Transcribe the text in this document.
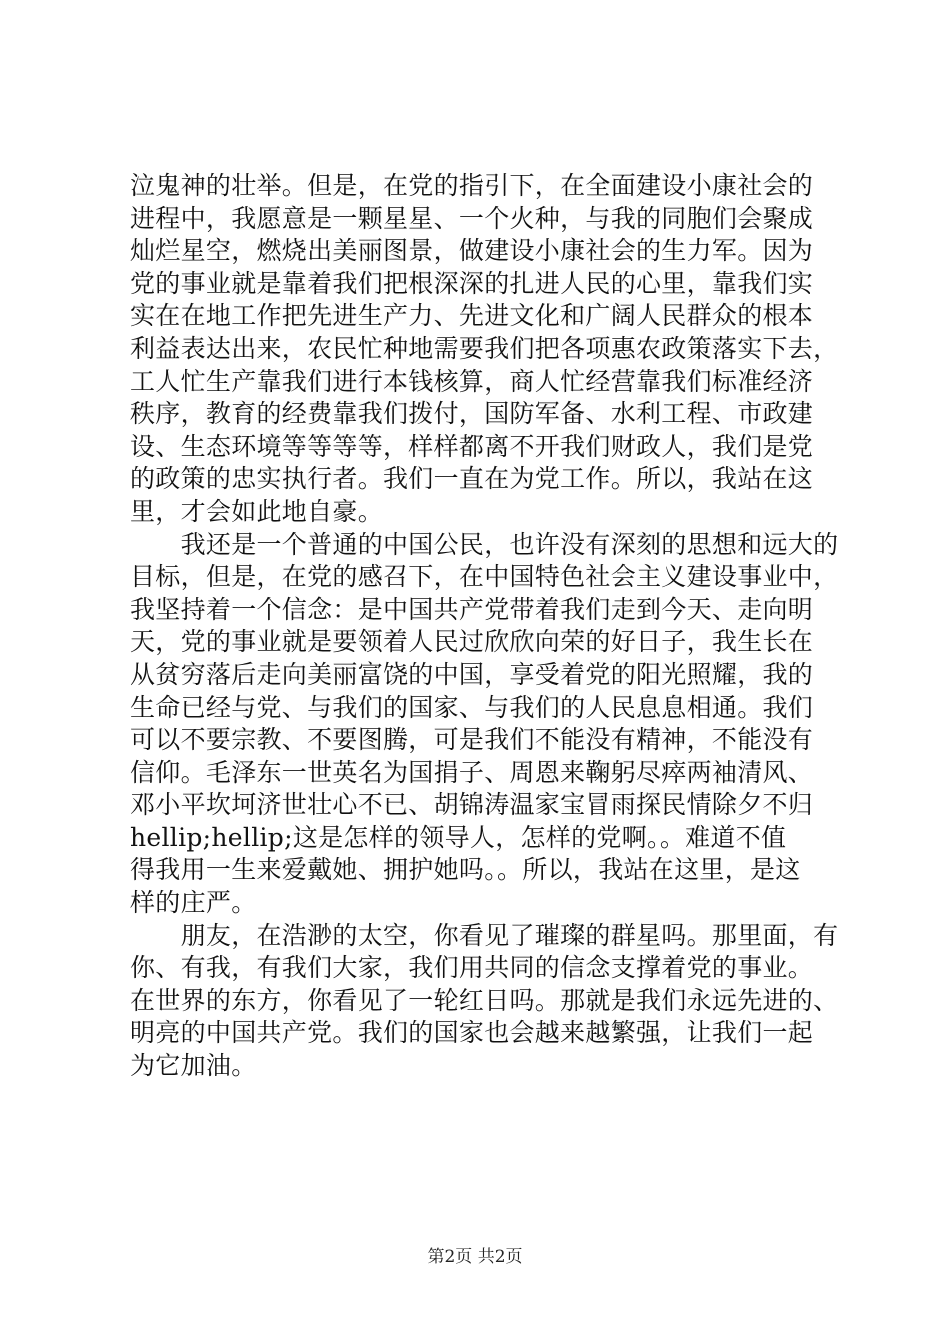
泣鬼神的壮举。但是，在党的指引下，在全面建设小康社会的
进程中，我愿意是一颗星星、一个火种，与我的同胞们会聚成
灿烂星空，燃烧出美丽图景，做建设小康社会的生力军。因为
党的事业就是靠着我们把根深深的扎进人民的心里，靠我们实
实在在地工作把先进生产力、先进文化和广阔人民群众的根本
利益表达出来，农民忙种地需要我们把各项惠农政策落实下去，
工人忙生产靠我们进行本钱核算，商人忙经营靠我们标准经济
秩序，教育的经费靠我们拨付，国防军备、水利工程、市政建
设、生态环境等等等等，样样都离不开我们财政人，我们是党
的政策的忠实执行者。我们一直在为党工作。所以，我站在这
里，才会如此地自豪。
　　我还是一个普通的中国公民，也许没有深刻的思想和远大的
目标，但是，在党的感召下，在中国特色社会主义建设事业中，
我坚持着一个信念：是中国共产党带着我们走到今天、走向明
天，党的事业就是要领着人民过欣欣向荣的好日子，我生长在
从贫穷落后走向美丽富饶的中国，享受着党的阳光照耀，我的
生命已经与党、与我们的国家、与我们的人民息息相通。我们
可以不要宗教、不要图腾，可是我们不能没有精神，不能没有
信仰。毛泽东一世英名为国捐子、周恩来鞠躬尽瘁两袖清风、
邓小平坎坷济世壮心不已、胡锦涛温家宝冒雨探民情除夕不归
hellip;hellip;这是怎样的领导人，怎样的党啊。。难道不值
得我用一生来爱戴她、拥护她吗。。所以，我站在这里，是这
样的庄严。
　　朋友，在浩渺的太空，你看见了璀璨的群星吗。那里面，有
你、有我，有我们大家，我们用共同的信念支撑着党的事业。
在世界的东方，你看见了一轮红日吗。那就是我们永远先进的、
明亮的中国共产党。我们的国家也会越来越繁强，让我们一起
为它加油。
第2页 共2页
